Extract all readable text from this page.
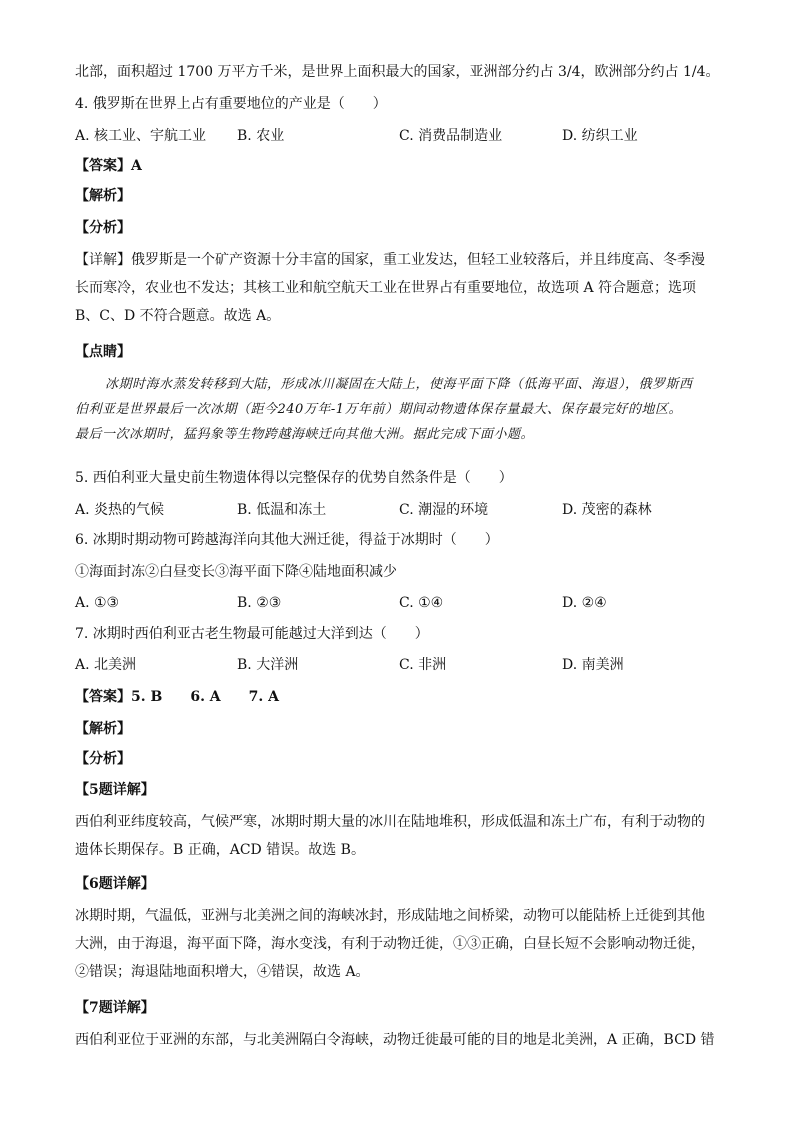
北部，面积超过 1700 万平方千米，是世界上面积最大的国家，亚洲部分约占 3/4，欧洲部分约占 1/4。
4. 俄罗斯在世界上占有重要地位的产业是（　　）
A. 核工业、宇航工业 B. 农业	C. 消费品制造业	D. 纺织工业
【答案】A
【解析】
【分析】

【详解】俄罗斯是一个矿产资源十分丰富的国家，重工业发达，但轻工业较落后，并且纬度高、冬季漫

长而寒冷，农业也不发达；其核工业和航空航天工业在世界占有重要地位，故选项 A 符合题意；选项

B、C、D 不符合题意。故选 A。

【点睛】

冰期时海水蒸发转移到大陆，形成冰川凝固在大陆上，使海平面下降（低海平面、海退），俄罗斯西

伯利亚是世界最后一次冰期（距今240万年-1万年前）期间动物遗体保存量最大、保存最完好的地区。

最后一次冰期时，猛犸象等生物跨越海峡迁向其他大洲。据此完成下面小题。

5. 西伯利亚大量史前生物遗体得以完整保存的优势自然条件是（　　）
A. 炎热的气候	B. 低温和冻土	C. 潮湿的环境	D. 茂密的森林
6. 冰期时期动物可跨越海洋向其他大洲迁徙，得益于冰期时（　　）
①海面封冻②白昼变长③海平面下降④陆地面积减少
A. ①③	B. ②③	C. ①④	D. ②④
7. 冰期时西伯利亚古老生物最可能越过大洋到达（　　）
A. 北美洲	B. 大洋洲	C. 非洲	D. 南美洲
【答案】5. B　　6. A　　7. A
【解析】
【分析】
【5题详解】

西伯利亚纬度较高，气候严寒，冰期时期大量的冰川在陆地堆积，形成低温和冻土广布，有利于动物的

遗体长期保存。B 正确，ACD 错误。故选 B。

【6题详解】

冰期时期，气温低，亚洲与北美洲之间的海峡冰封，形成陆地之间桥梁，动物可以能陆桥上迁徙到其他

大洲，由于海退，海平面下降，海水变浅，有利于动物迁徙，①③正确，白昼长短不会影响动物迁徙，

②错误；海退陆地面积增大，④错误，故选 A。

【7题详解】

西伯利亚位于亚洲的东部，与北美洲隔白令海峡，动物迁徙最可能的目的地是北美洲，A 正确，BCD 错
